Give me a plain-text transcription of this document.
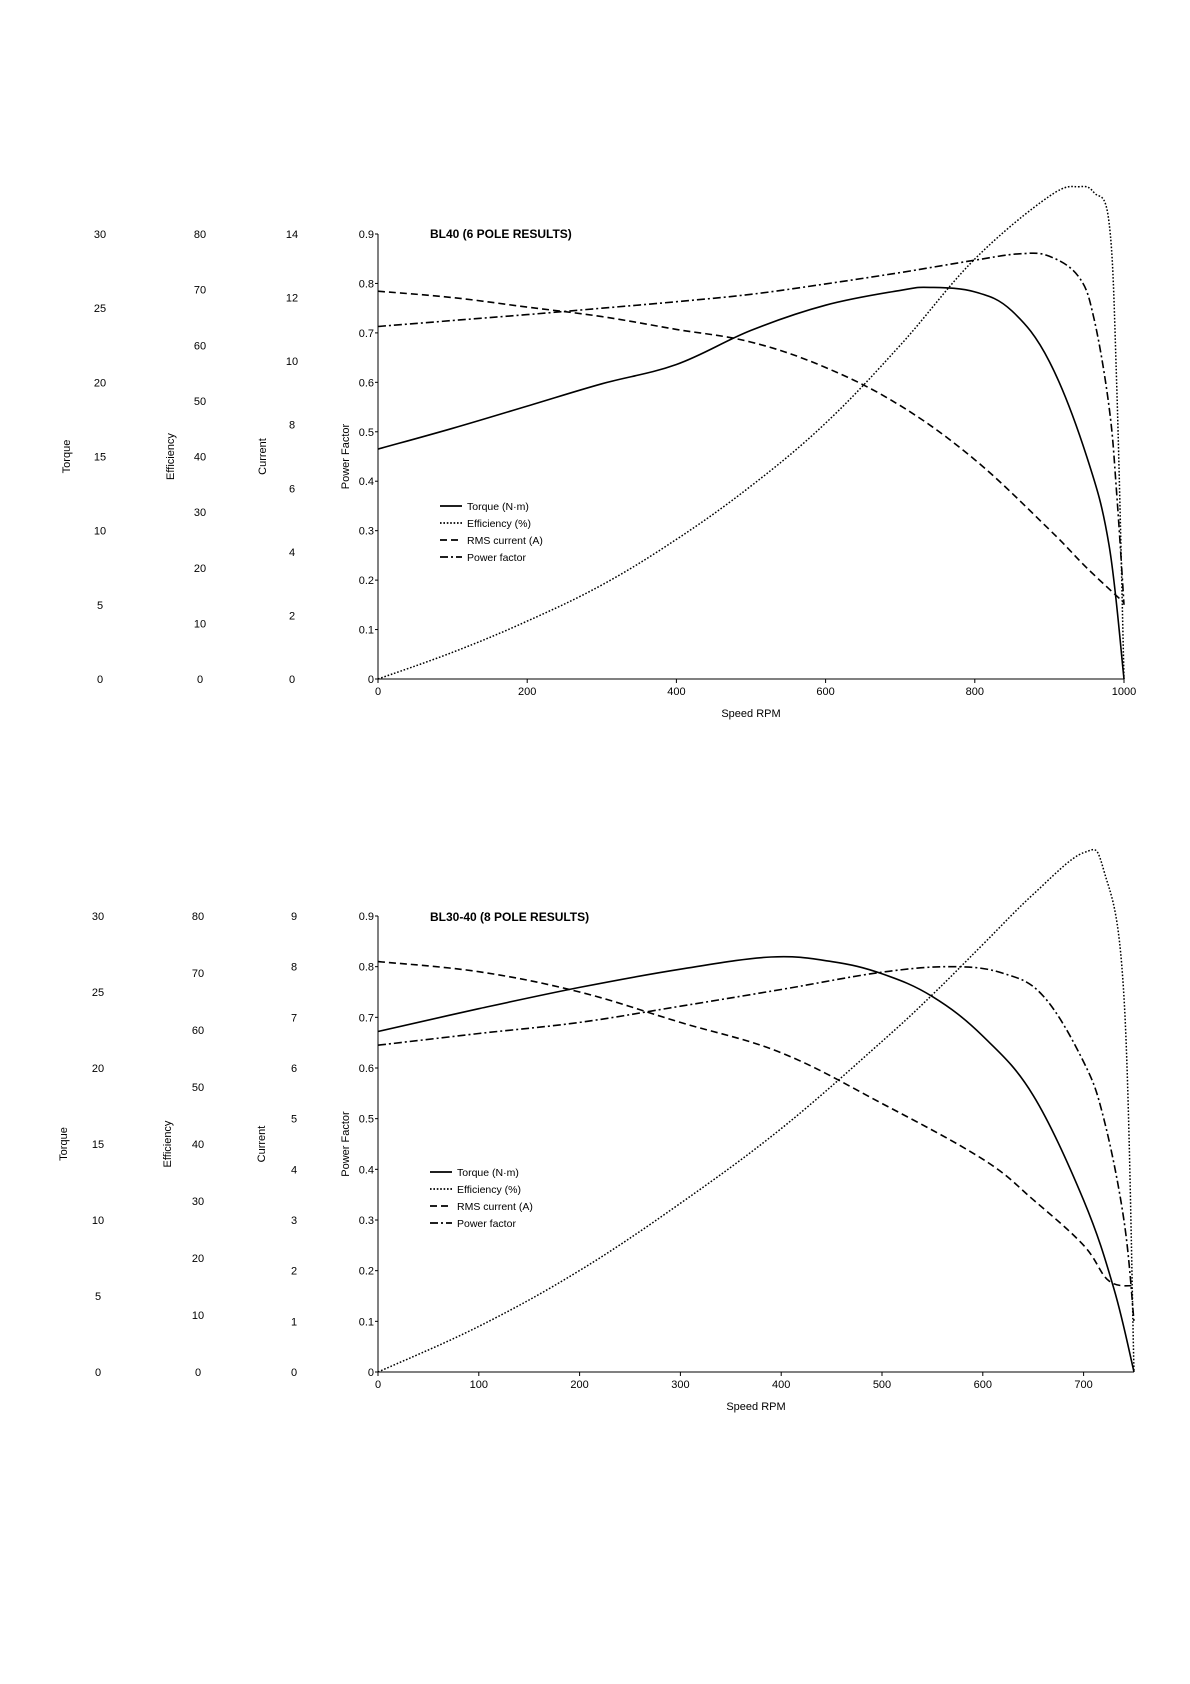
BL40 (6 POLE RESULTS)
0
5
10
15
20
25
30
Torque
0
10
20
30
40
50
60
70
80
Efficiency
0
2
4
6
8
10
12
14
Current
0
0.1
0.2
0.3
0.4
0.5
0.6
0.7
0.8
0.9
Power Factor
0	200	400	600	800	1000
Speed RPM
Torque (N·m)
Efficiency (%)
RMS current (A)
Power factor
BL30-40 (8 POLE RESULTS)
0
5
10
15
20
25
30
Torque
0
10
20
30
40
50
60
70
80
Efficiency
0
1
2
3
4
5
6
7
8
9
Current
0
0.1
0.2
0.3
0.4
0.5
0.6
0.7
0.8
0.9
Power Factor
0	100	200	300	400	500	600	700
Speed RPM
Torque (N·m)
Efficiency (%)
RMS current (A)
Power factor
